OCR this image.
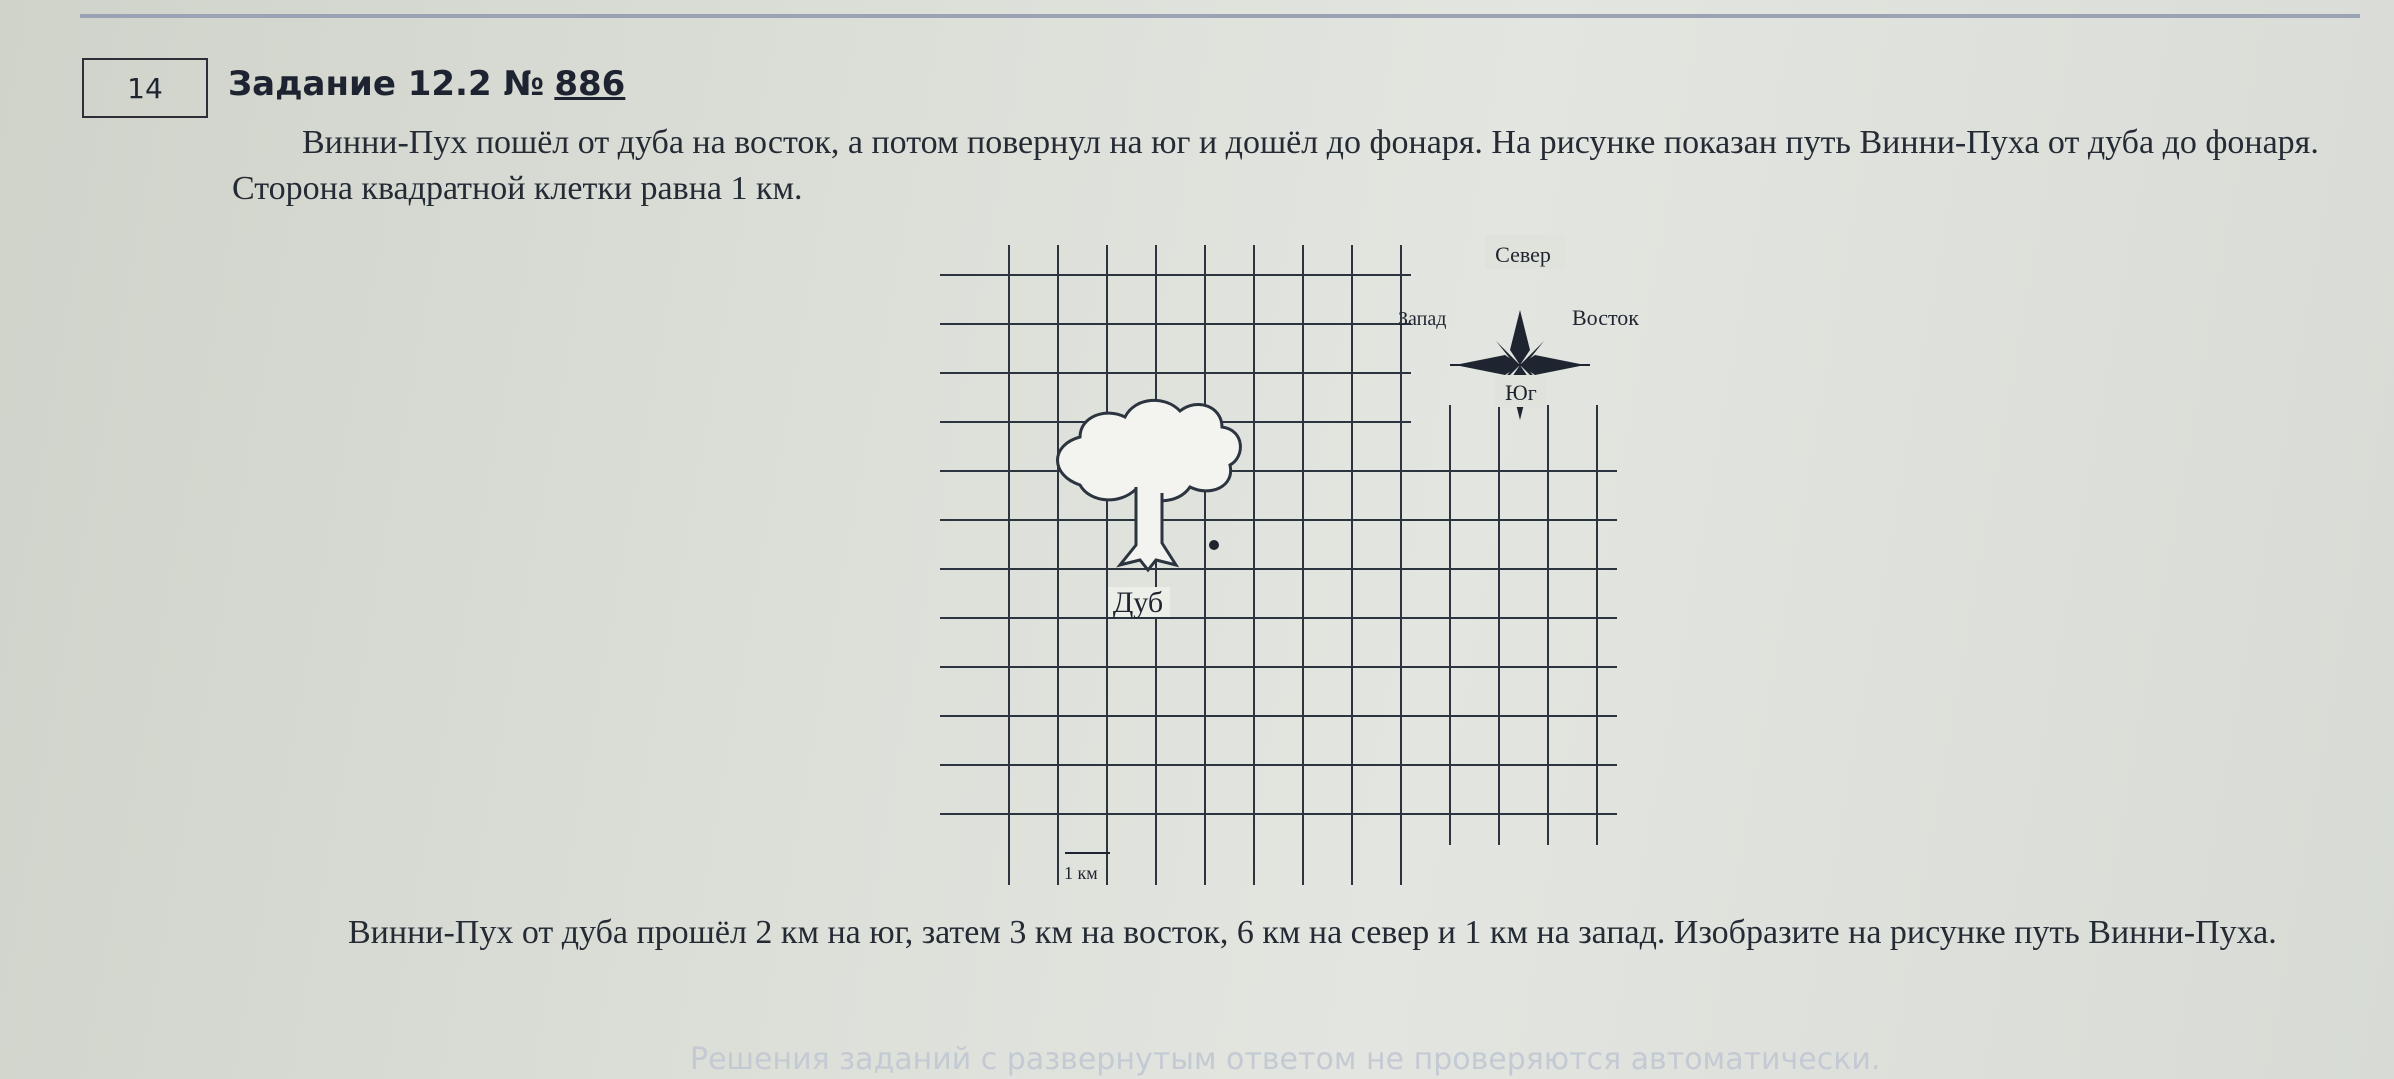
14 Задание 12.2 № 886
Винни-Пух пошёл от дуба на восток, а потом повернул на юг и дошёл до фонаря. На рисунке показан путь Винни-Пуха от дуба до фонаря. Сторона квадратной клетки равна 1 км.
Дуб
1 км
Север
Юг
Запад	Восток
Винни-Пух от дуба прошёл 2 км на юг, затем 3 км на восток, 6 км на север и 1 км на запад. Изобразите на рисунке путь Винни-Пуха.
Решения заданий с развернутым ответом не проверяются автоматически.
